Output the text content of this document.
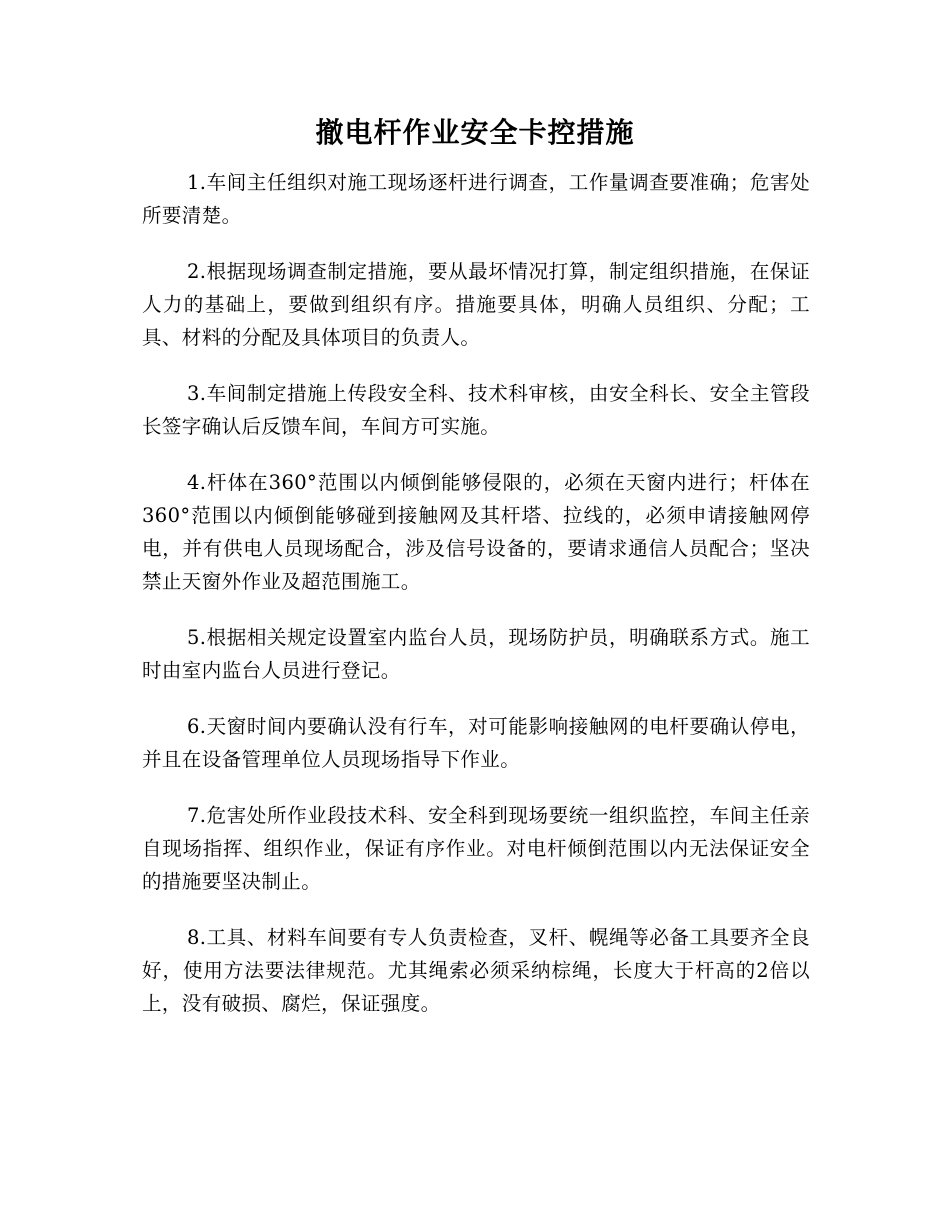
撤电杆作业安全卡控措施

1.车间主任组织对施工现场逐杆进行调查，工作量调查要准确；危害处所要清楚。

2.根据现场调查制定措施，要从最坏情况打算，制定组织措施，在保证人力的基础上，要做到组织有序。措施要具体，明确人员组织、分配；工具、材料的分配及具体项目的负责人。

3.车间制定措施上传段安全科、技术科审核，由安全科长、安全主管段长签字确认后反馈车间，车间方可实施。

4.杆体在360°范围以内倾倒能够侵限的，必须在天窗内进行；杆体在360°范围以内倾倒能够碰到接触网及其杆塔、拉线的，必须申请接触网停电，并有供电人员现场配合，涉及信号设备的，要请求通信人员配合；坚决禁止天窗外作业及超范围施工。

5.根据相关规定设置室内监台人员，现场防护员，明确联系方式。施工时由室内监台人员进行登记。

6.天窗时间内要确认没有行车，对可能影响接触网的电杆要确认停电，并且在设备管理单位人员现场指导下作业。

7.危害处所作业段技术科、安全科到现场要统一组织监控，车间主任亲自现场指挥、组织作业，保证有序作业。对电杆倾倒范围以内无法保证安全的措施要坚决制止。

8.工具、材料车间要有专人负责检查，叉杆、幌绳等必备工具要齐全良好，使用方法要法律规范。尤其绳索必须采纳棕绳，长度大于杆高的2倍以上，没有破损、腐烂，保证强度。
